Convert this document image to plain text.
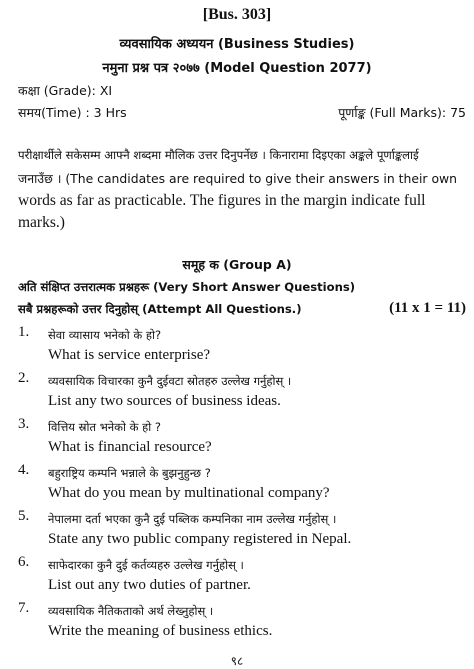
[Bus. 303]
व्यवसायिक अध्ययन (Business Studies)
नमुना प्रश्न पत्र २०७७ (Model Question 2077)
कक्षा (Grade): XI
समय(Time) : 3 Hrs	पूर्णाङ्क (Full Marks): 75
परीक्षार्थीले सकेसम्म आफ्नै शब्दमा मौलिक उत्तर दिनुपर्नेछ । किनारामा दिइएका अङ्कले पूर्णाङ्कलाई
जनाउँछ । (The candidates are required to give their answers in their own
words as far as practicable. The figures in the margin indicate full
marks.)
समूह क (Group A)
अति संक्षिप्त उत्तरात्मक प्रश्नहरू (Very Short Answer Questions)
सबै प्रश्नहरूको उत्तर दिनुहोस् (Attempt All Questions.)	(11 x 1 = 11)
1. सेवा व्यासाय भनेको के हो?
What is service enterprise?
2. व्यवसायिक विचारका कुनै दुईवटा स्रोतहरु उल्लेख गर्नुहोस् ।
List any two sources of business ideas.
3. वित्तिय स्रोत भनेको के हो ?
What is financial resource?
4. बहुराष्ट्रिय कम्पनि भन्नाले के बुझनुहुन्छ ?
What do you mean by multinational company?
5. नेपालमा दर्ता भएका कुनै दुई पब्लिक कम्पनिका नाम उल्लेख गर्नुहोस् ।
State any two public company registered in Nepal.
6. साफेदारका कुनै दुई कर्तव्यहरु उल्लेख गर्नुहोस् ।
List out any two duties of partner.
7. व्यवसायिक नैतिकताको अर्थ लेख्नुहोस् ।
Write the meaning of business ethics.
९८
